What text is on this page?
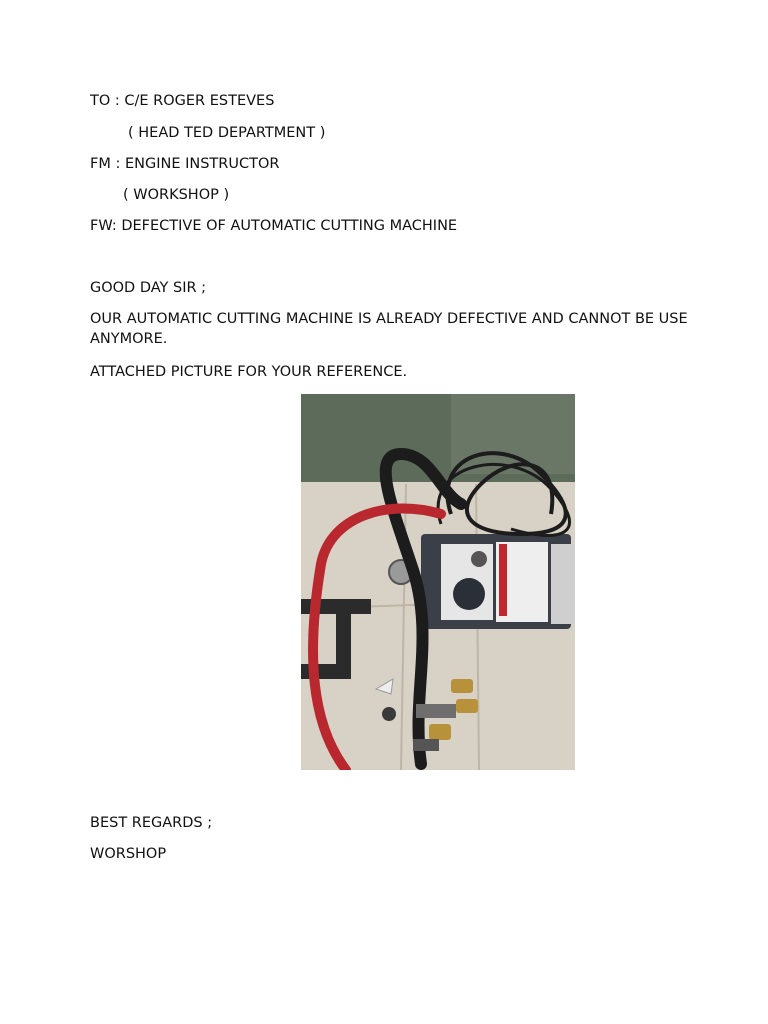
TO : C/E ROGER ESTEVES

( HEAD TED DEPARTMENT )

FM : ENGINE INSTRUCTOR

( WORKSHOP )

FW: DEFECTIVE OF AUTOMATIC CUTTING MACHINE

GOOD DAY SIR ;

OUR AUTOMATIC CUTTING MACHINE IS ALREADY DEFECTIVE AND CANNOT BE USE ANYMORE.

ATTACHED PICTURE FOR YOUR REFERENCE.

BEST REGARDS ;

WORSHOP
